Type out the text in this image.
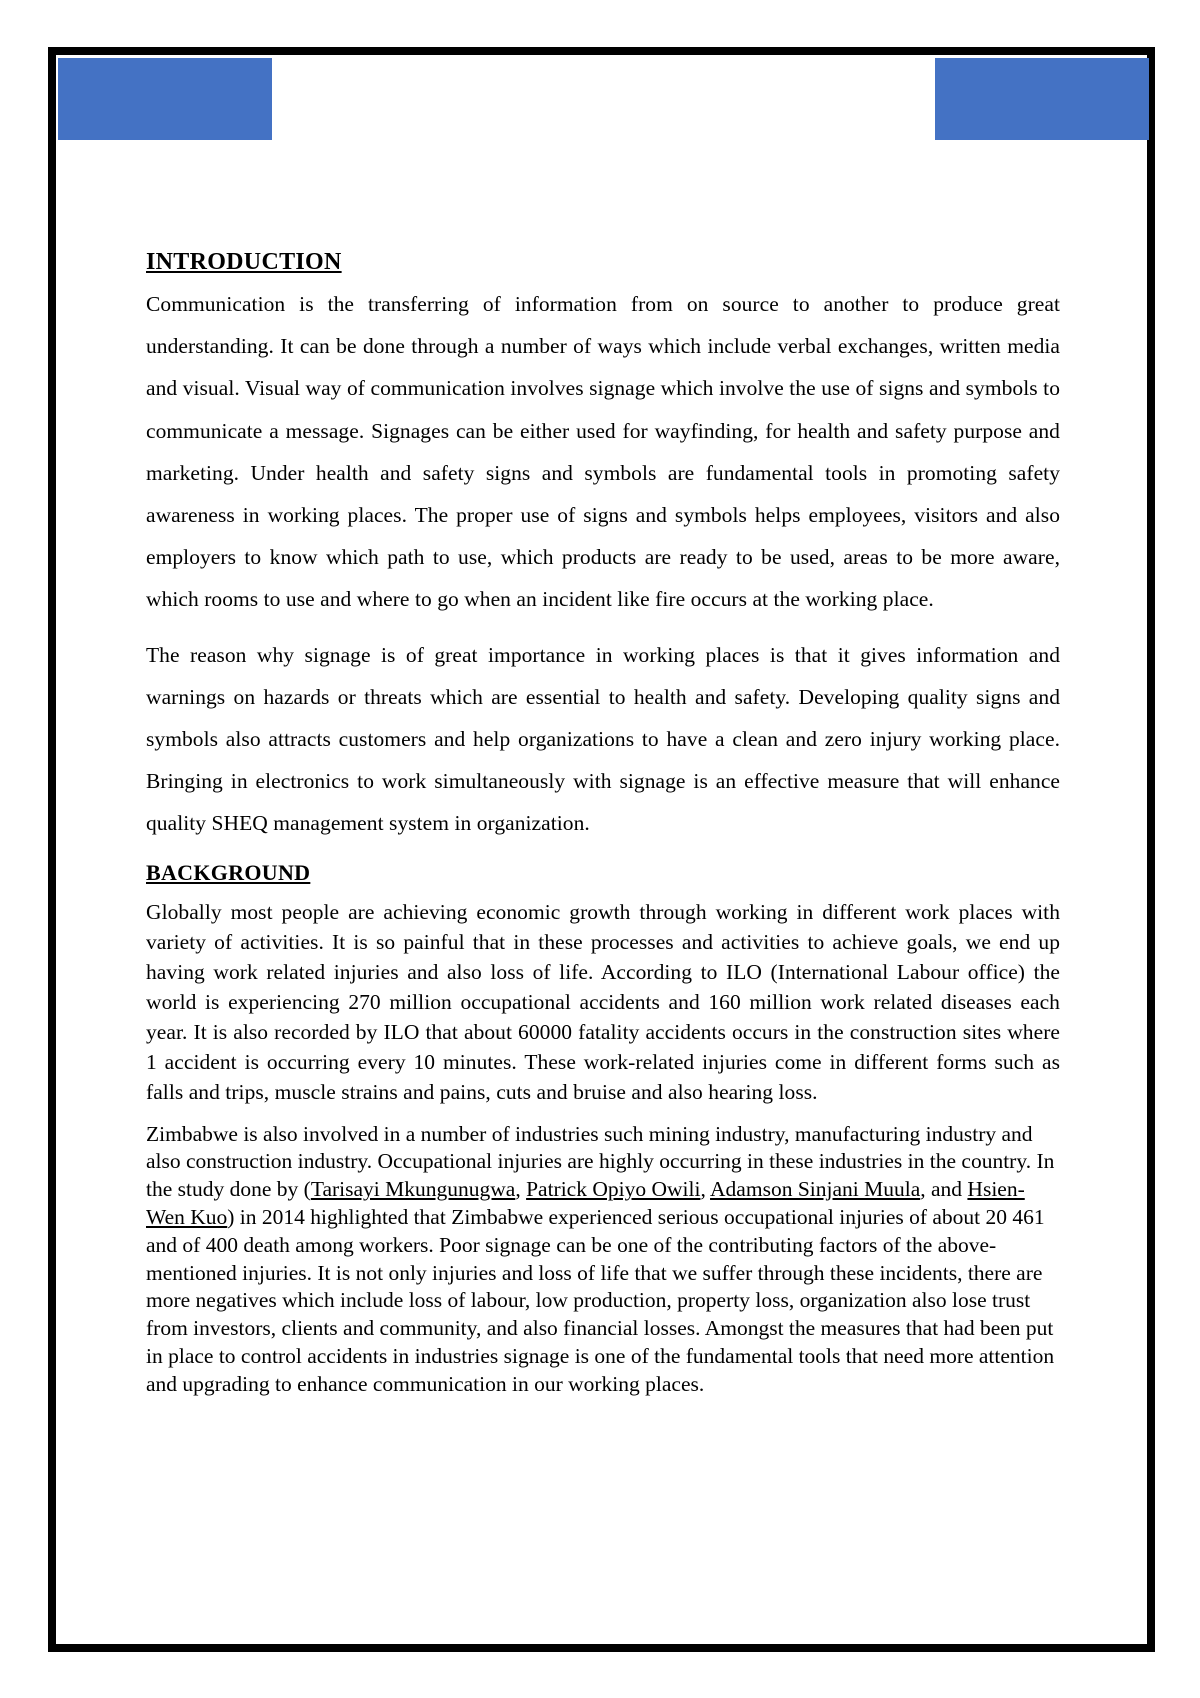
INTRODUCTION

Communication is the transferring of information from on source to another to produce great understanding. It can be done through a number of ways which include verbal exchanges, written media and visual. Visual way of communication involves signage which involve the use of signs and symbols to communicate a message. Signages can be either used for wayfinding, for health and safety purpose and marketing. Under health and safety signs and symbols are fundamental tools in promoting safety awareness in working places. The proper use of signs and symbols helps employees, visitors and also employers to know which path to use, which products are ready to be used, areas to be more aware, which rooms to use and where to go when an incident like fire occurs at the working place.

The reason why signage is of great importance in working places is that it gives information and warnings on hazards or threats which are essential to health and safety. Developing quality signs and symbols also attracts customers and help organizations to have a clean and zero injury working place. Bringing in electronics to work simultaneously with signage is an effective measure that will enhance quality SHEQ management system in organization.

BACKGROUND

Globally most people are achieving economic growth through working in different work places with variety of activities. It is so painful that in these processes and activities to achieve goals, we end up having work related injuries and also loss of life. According to ILO (International Labour office) the world is experiencing 270 million occupational accidents and 160 million work related diseases each year. It is also recorded by ILO that about 60000 fatality accidents occurs in the construction sites where 1 accident is occurring every 10 minutes. These work-related injuries come in different forms such as falls and trips, muscle strains and pains, cuts and bruise and also hearing loss.

Zimbabwe is also involved in a number of industries such mining industry, manufacturing industry and also construction industry. Occupational injuries are highly occurring in these industries in the country. In the study done by (Tarisayi Mkungunugwa, Patrick Opiyo Owili, Adamson Sinjani Muula, and Hsien-Wen Kuo) in 2014 highlighted that Zimbabwe experienced serious occupational injuries of about 20 461 and of 400 death among workers. Poor signage can be one of the contributing factors of the above-mentioned injuries. It is not only injuries and loss of life that we suffer through these incidents, there are more negatives which include loss of labour, low production, property loss, organization also lose trust from investors, clients and community, and also financial losses. Amongst the measures that had been put in place to control accidents in industries signage is one of the fundamental tools that need more attention and upgrading to enhance communication in our working places.
